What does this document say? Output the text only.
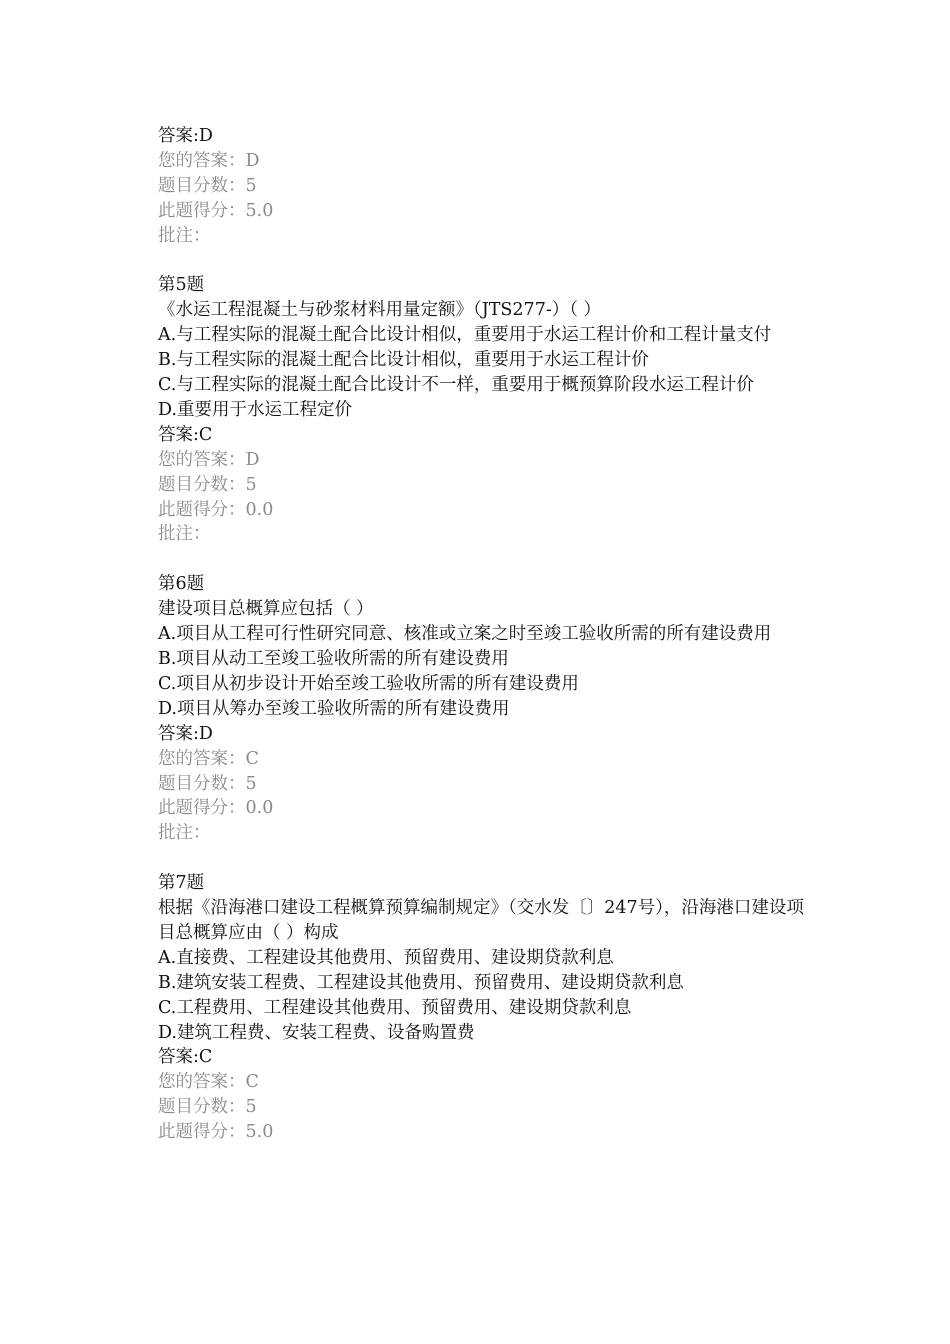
答案:D
您的答案：D
题目分数：5
此题得分：5.0
批注：
第5题
《水运工程混凝土与砂浆材料用量定额》（JTS277-）（ ）
A.与工程实际的混凝土配合比设计相似，重要用于水运工程计价和工程计量支付
B.与工程实际的混凝土配合比设计相似，重要用于水运工程计价
C.与工程实际的混凝土配合比设计不一样，重要用于概预算阶段水运工程计价
D.重要用于水运工程定价
答案:C
您的答案：D
题目分数：5
此题得分：0.0
批注：
第6题
建设项目总概算应包括（ ）
A.项目从工程可行性研究同意、核准或立案之时至竣工验收所需的所有建设费用
B.项目从动工至竣工验收所需的所有建设费用
C.项目从初步设计开始至竣工验收所需的所有建设费用
D.项目从筹办至竣工验收所需的所有建设费用
答案:D
您的答案：C
题目分数：5
此题得分：0.0
批注：
第7题
根据《沿海港口建设工程概算预算编制规定》（交水发〔〕247号），沿海港口建设项目总概算应由（ ）构成
A.直接费、工程建设其他费用、预留费用、建设期贷款利息
B.建筑安装工程费、工程建设其他费用、预留费用、建设期贷款利息
C.工程费用、工程建设其他费用、预留费用、建设期贷款利息
D.建筑工程费、安装工程费、设备购置费
答案:C
您的答案：C
题目分数：5
此题得分：5.0
